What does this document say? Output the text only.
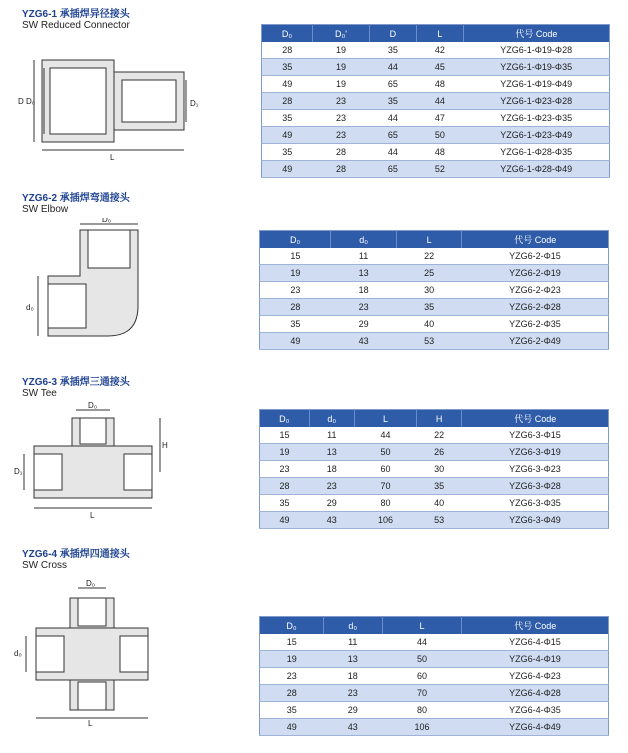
YZG6-1 承插焊异径接头
SW Reduced Connector
D D₀	D₁
L
D₀	D₀'	D	L	代号 Code
28	19	35	42	YZG6-1-Φ19-Φ28
35	19	44	45	YZG6-1-Φ19-Φ35
49	19	65	48	YZG6-1-Φ19-Φ49
28	23	35	44	YZG6-1-Φ23-Φ28
35	23	44	47	YZG6-1-Φ23-Φ35
49	23	65	50	YZG6-1-Φ23-Φ49
35	28	44	48	YZG6-1-Φ28-Φ35
49	28	65	52	YZG6-1-Φ28-Φ49
YZG6-2 承插焊弯通接头
SW Elbow
D₀
d₀
D₀	d₀	L	代号 Code
15	11	22	YZG6-2-Φ15
19	13	25	YZG6-2-Φ19
23	18	30	YZG6-2-Φ23
28	23	35	YZG6-2-Φ28
35	29	40	YZG6-2-Φ35
49	43	53	YZG6-2-Φ49
YZG6-3 承插焊三通接头
SW Tee
D₀
D₁
H
L
D₀	d₀	L	H	代号 Code
15	11	44	22	YZG6-3-Φ15
19	13	50	26	YZG6-3-Φ19
23	18	60	30	YZG6-3-Φ23
28	23	70	35	YZG6-3-Φ28
35	29	80	40	YZG6-3-Φ35
49	43	106	53	YZG6-3-Φ49
YZG6-4 承插焊四通接头
SW Cross
D₀
d₀
L
D₀	d₀	L	代号 Code
15	11	44	YZG6-4-Φ15
19	13	50	YZG6-4-Φ19
23	18	60	YZG6-4-Φ23
28	23	70	YZG6-4-Φ28
35	29	80	YZG6-4-Φ35
49	43	106	YZG6-4-Φ49
